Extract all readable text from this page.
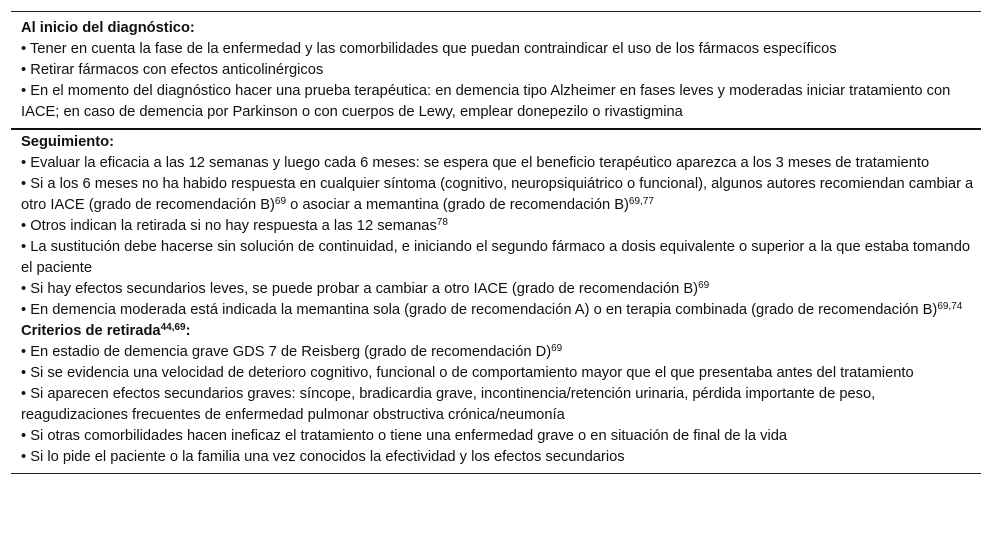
Al inicio del diagnóstico:
• Tener en cuenta la fase de la enfermedad y las comorbilidades que puedan contraindicar el uso de los fármacos específicos
• Retirar fármacos con efectos anticolinérgicos
• En el momento del diagnóstico hacer una prueba terapéutica: en demencia tipo Alzheimer en fases leves y moderadas iniciar tratamiento con IACE; en caso de demencia por Parkinson o con cuerpos de Lewy, emplear donepezilo o rivastigmina
Seguimiento:
• Evaluar la eficacia a las 12 semanas y luego cada 6 meses: se espera que el beneficio terapéutico aparezca a los 3 meses de tratamiento
• Si a los 6 meses no ha habido respuesta en cualquier síntoma (cognitivo, neuropsiquiátrico o funcional), algunos autores recomiendan cambiar a otro IACE (grado de recomendación B)$^{69}$ o asociar a memantina (grado de recomendación B)$^{69,77}$
• Otros indican la retirada si no hay respuesta a las 12 semanas$^{78}$
• La sustitución debe hacerse sin solución de continuidad, e iniciando el segundo fármaco a dosis equivalente o superior a la que estaba tomando el paciente
• Si hay efectos secundarios leves, se puede probar a cambiar a otro IACE (grado de recomendación B)$^{69}$
• En demencia moderada está indicada la memantina sola (grado de recomendación A) o en terapia combinada (grado de recomendación B)$^{69,74}$
Criterios de retirada$^{44,69}$:
• En estadio de demencia grave GDS 7 de Reisberg (grado de recomendación D)$^{69}$
• Si se evidencia una velocidad de deterioro cognitivo, funcional o de comportamiento mayor que el que presentaba antes del tratamiento
• Si aparecen efectos secundarios graves: síncope, bradicardia grave, incontinencia/retención urinaria, pérdida importante de peso, reagudizaciones frecuentes de enfermedad pulmonar obstructiva crónica/neumonía
• Si otras comorbilidades hacen ineficaz el tratamiento o tiene una enfermedad grave o en situación de final de la vida
• Si lo pide el paciente o la familia una vez conocidos la efectividad y los efectos secundarios
